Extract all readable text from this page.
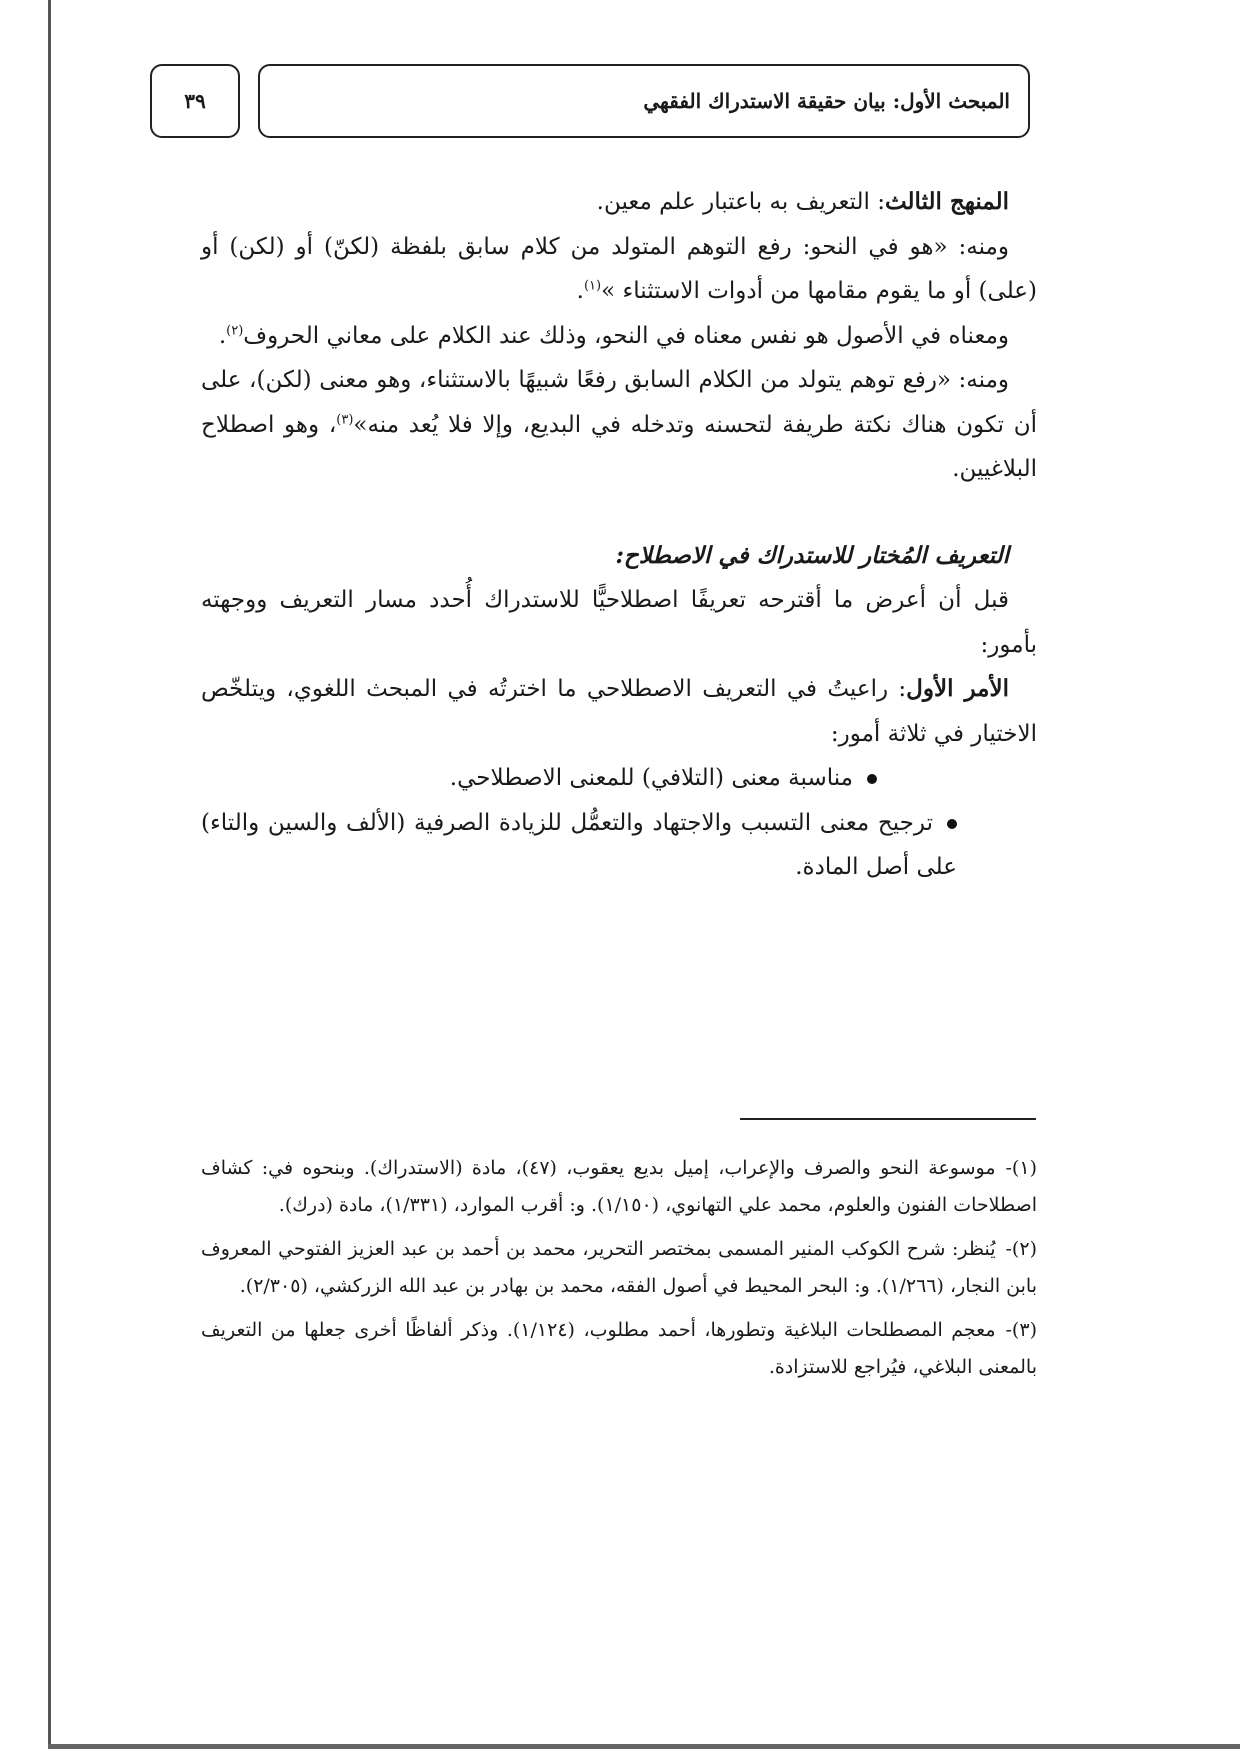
٣٩	المبحث الأول: بيان حقيقة الاستدراك الفقهي

المنهج الثالث: التعريف به باعتبار علم معين.

ومنه: «هو في النحو: رفع التوهم المتولد من كلام سابق بلفظة (لكنّ) أو (لكن) أو (على) أو ما يقوم مقامها من أدوات الاستثناء »$^{(١)}$.

ومعناه في الأصول هو نفس معناه في النحو، وذلك عند الكلام على معاني الحروف$^{(٢)}$.

ومنه: «رفع توهم يتولد من الكلام السابق رفعًا شبيهًا بالاستثناء، وهو معنى (لكن)، على أن تكون هناك نكتة طريفة لتحسنه وتدخله في البديع، وإلا فلا يُعد منه»$^{(٣)}$، وهو اصطلاح البلاغيين.

التعريف المُختار للاستدراك في الاصطلاح:

قبل أن أعرض ما أقترحه تعريفًا اصطلاحيًّا للاستدراك أُحدد مسار التعريف ووجهته بأمور:

الأمر الأول: راعيتُ في التعريف الاصطلاحي ما اخترتُه في المبحث اللغوي، ويتلخّص الاختيار في ثلاثة أمور:

مناسبة معنى (التلافي) للمعنى الاصطلاحي.
ترجيح معنى التسبب والاجتهاد والتعمُّل للزيادة الصرفية (الألف والسين والتاء) على أصل المادة.

(١)-موسوعة النحو والصرف والإعراب، إميل بديع يعقوب، (٤٧)، مادة (الاستدراك). وبنحوه في: كشاف اصطلاحات الفنون والعلوم، محمد علي التهانوي، (١/١٥٠). و: أقرب الموارد، (١/٣٣١)، مادة (درك).

(٢)-يُنظر: شرح الكوكب المنير المسمى بمختصر التحرير، محمد بن أحمد بن عبد العزيز الفتوحي المعروف بابن النجار، (١/٢٦٦). و: البحر المحيط في أصول الفقه، محمد بن بهادر بن عبد الله الزركشي، (٢/٣٠٥).

(٣)-معجم المصطلحات البلاغية وتطورها، أحمد مطلوب، (١/١٢٤). وذكر ألفاظًا أخرى جعلها من التعريف بالمعنى البلاغي، فيُراجع للاستزادة.
